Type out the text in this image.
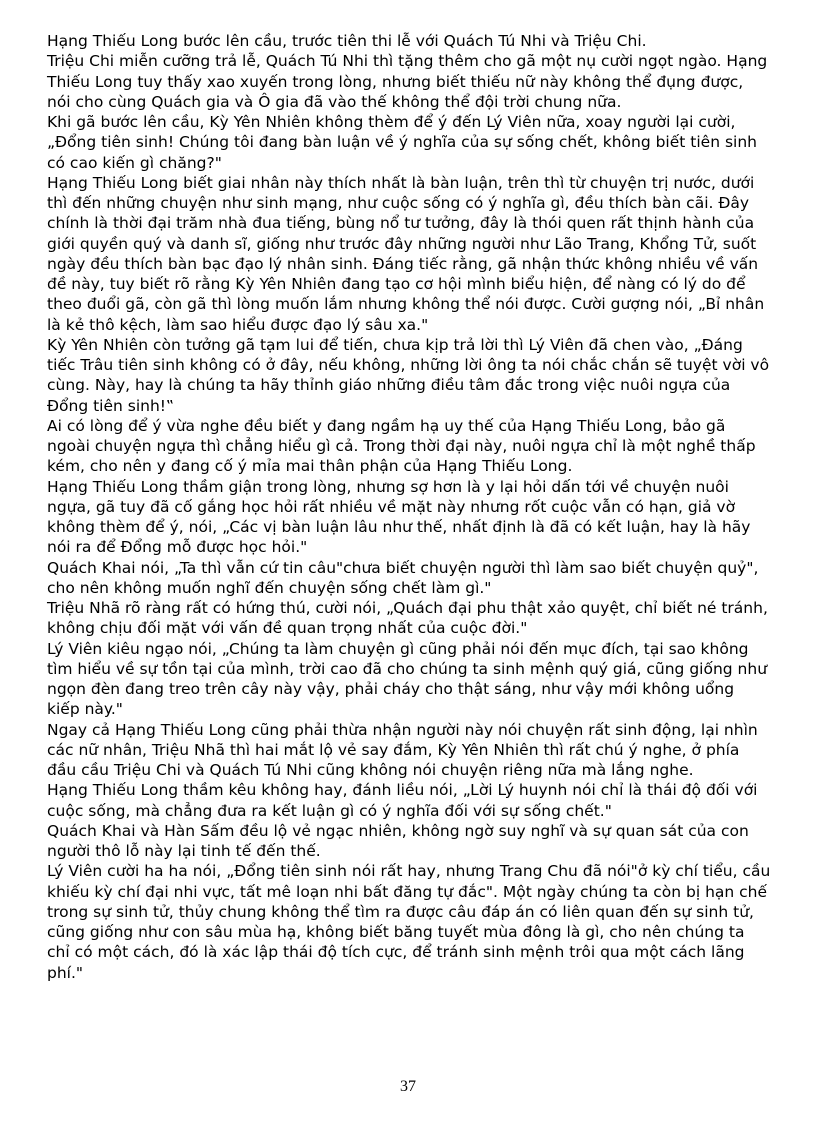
Hạng Thiếu Long bước lên cầu, trước tiên thi lễ với Quách Tú Nhi và Triệu Chi.

Triệu Chi miễn cưỡng trả lễ, Quách Tú Nhi thì tặng thêm cho gã một nụ cười ngọt ngào. Hạng Thiếu Long tuy thấy xao xuyến trong lòng, nhưng biết thiếu nữ này không thể đụng được, nói cho cùng Quách gia và Ô gia đã vào thế không thể đội trời chung nữa.

Khi gã bước lên cầu, Kỳ Yên Nhiên không thèm để ý đến Lý Viên nữa, xoay người lại cười, „Đổng tiên sinh! Chúng tôi đang bàn luận về ý nghĩa của sự sống chết, không biết tiên sinh có cao kiến gì chăng?"

Hạng Thiếu Long biết giai nhân này thích nhất là bàn luận, trên thì từ chuyện trị nước, dưới thì đến những chuyện như sinh mạng, như cuộc sống có ý nghĩa gì, đều thích bàn cãi. Đây chính là thời đại trăm nhà đua tiếng, bùng nổ tư tưởng, đây là thói quen rất thịnh hành của giới quyền quý và danh sĩ, giống như trước đây những người như Lão Trang, Khổng Tử, suốt ngày đều thích bàn bạc đạo lý nhân sinh. Đáng tiếc rằng, gã nhận thức không nhiều về vấn đề này, tuy biết rõ rằng Kỳ Yên Nhiên đang tạo cơ hội mình biểu hiện, để nàng có lý do để theo đuổi gã, còn gã thì lòng muốn lắm nhưng không thể nói được. Cười gượng nói, „Bỉ nhân là kẻ thô kệch, làm sao hiểu được đạo lý sâu xa."

Kỳ Yên Nhiên còn tưởng gã tạm lui để tiến, chưa kịp trả lời thì Lý Viên đã chen vào, „Đáng tiếc Trâu tiên sinh không có ở đây, nếu không, những lời ông ta nói chắc chắn sẽ tuyệt vời vô cùng. Này, hay là chúng ta hãy thỉnh giáo những điều tâm đắc trong việc nuôi ngựa của Đổng tiên sinh!‟

Ai có lòng để ý vừa nghe đều biết y đang ngầm hạ uy thế của Hạng Thiếu Long, bảo gã ngoài chuyện ngựa thì chẳng hiểu gì cả. Trong thời đại này, nuôi ngựa chỉ là một nghề thấp kém, cho nên y đang cố ý mỉa mai thân phận của Hạng Thiếu Long.

Hạng Thiếu Long thầm giận trong lòng, nhưng sợ hơn là y lại hỏi dấn tới về chuyện nuôi ngựa, gã tuy đã cố gắng học hỏi rất nhiều về mặt này nhưng rốt cuộc vẫn có hạn, giả vờ không thèm để ý, nói, „Các vị bàn luận lâu như thế, nhất định là đã có kết luận, hay là hãy nói ra để Đổng mỗ được học hỏi."

Quách Khai nói, „Ta thì vẫn cứ tin câu"chưa biết chuyện người thì làm sao biết chuyện quỷ", cho nên không muốn nghĩ đến chuyện sống chết làm gì."

Triệu Nhã rõ ràng rất có hứng thú, cười nói, „Quách đại phu thật xảo quyệt, chỉ biết né tránh, không chịu đối mặt với vấn đề quan trọng nhất của cuộc đời."

Lý Viên kiêu ngạo nói, „Chúng ta làm chuyện gì cũng phải nói đến mục đích, tại sao không tìm hiểu về sự tồn tại của mình, trời cao đã cho chúng ta sinh mệnh quý giá, cũng giống như ngọn đèn đang treo trên cây này vậy, phải cháy cho thật sáng, như vậy mới không uổng kiếp này."

Ngay cả Hạng Thiếu Long cũng phải thừa nhận người này nói chuyện rất sinh động, lại nhìn các nữ nhân, Triệu Nhã thì hai mắt lộ vẻ say đắm, Kỳ Yên Nhiên thì rất chú ý nghe, ở phía đầu cầu Triệu Chi và Quách Tú Nhi cũng không nói chuyện riêng nữa mà lắng nghe.

Hạng Thiếu Long thầm kêu không hay, đánh liều nói, „Lời Lý huynh nói chỉ là thái độ đối với cuộc sống, mà chẳng đưa ra kết luận gì có ý nghĩa đối với sự sống chết."

Quách Khai và Hàn Sấm đều lộ vẻ ngạc nhiên, không ngờ suy nghĩ và sự quan sát của con người thô lỗ này lại tinh tế đến thế.

Lý Viên cười ha ha nói, „Đổng tiên sinh nói rất hay, nhưng Trang Chu đã nói"ở kỳ chí tiểu, cầu khiếu kỳ chí đại nhi vực, tất mê loạn nhi bất đăng tự đắc". Một ngày chúng ta còn bị hạn chế trong sự sinh tử, thủy chung không thể tìm ra được câu đáp án có liên quan đến sự sinh tử, cũng giống như con sâu mùa hạ, không biết băng tuyết mùa đông là gì, cho nên chúng ta chỉ có một cách, đó là xác lập thái độ tích cực, để tránh sinh mệnh trôi qua một cách lãng phí."

37
